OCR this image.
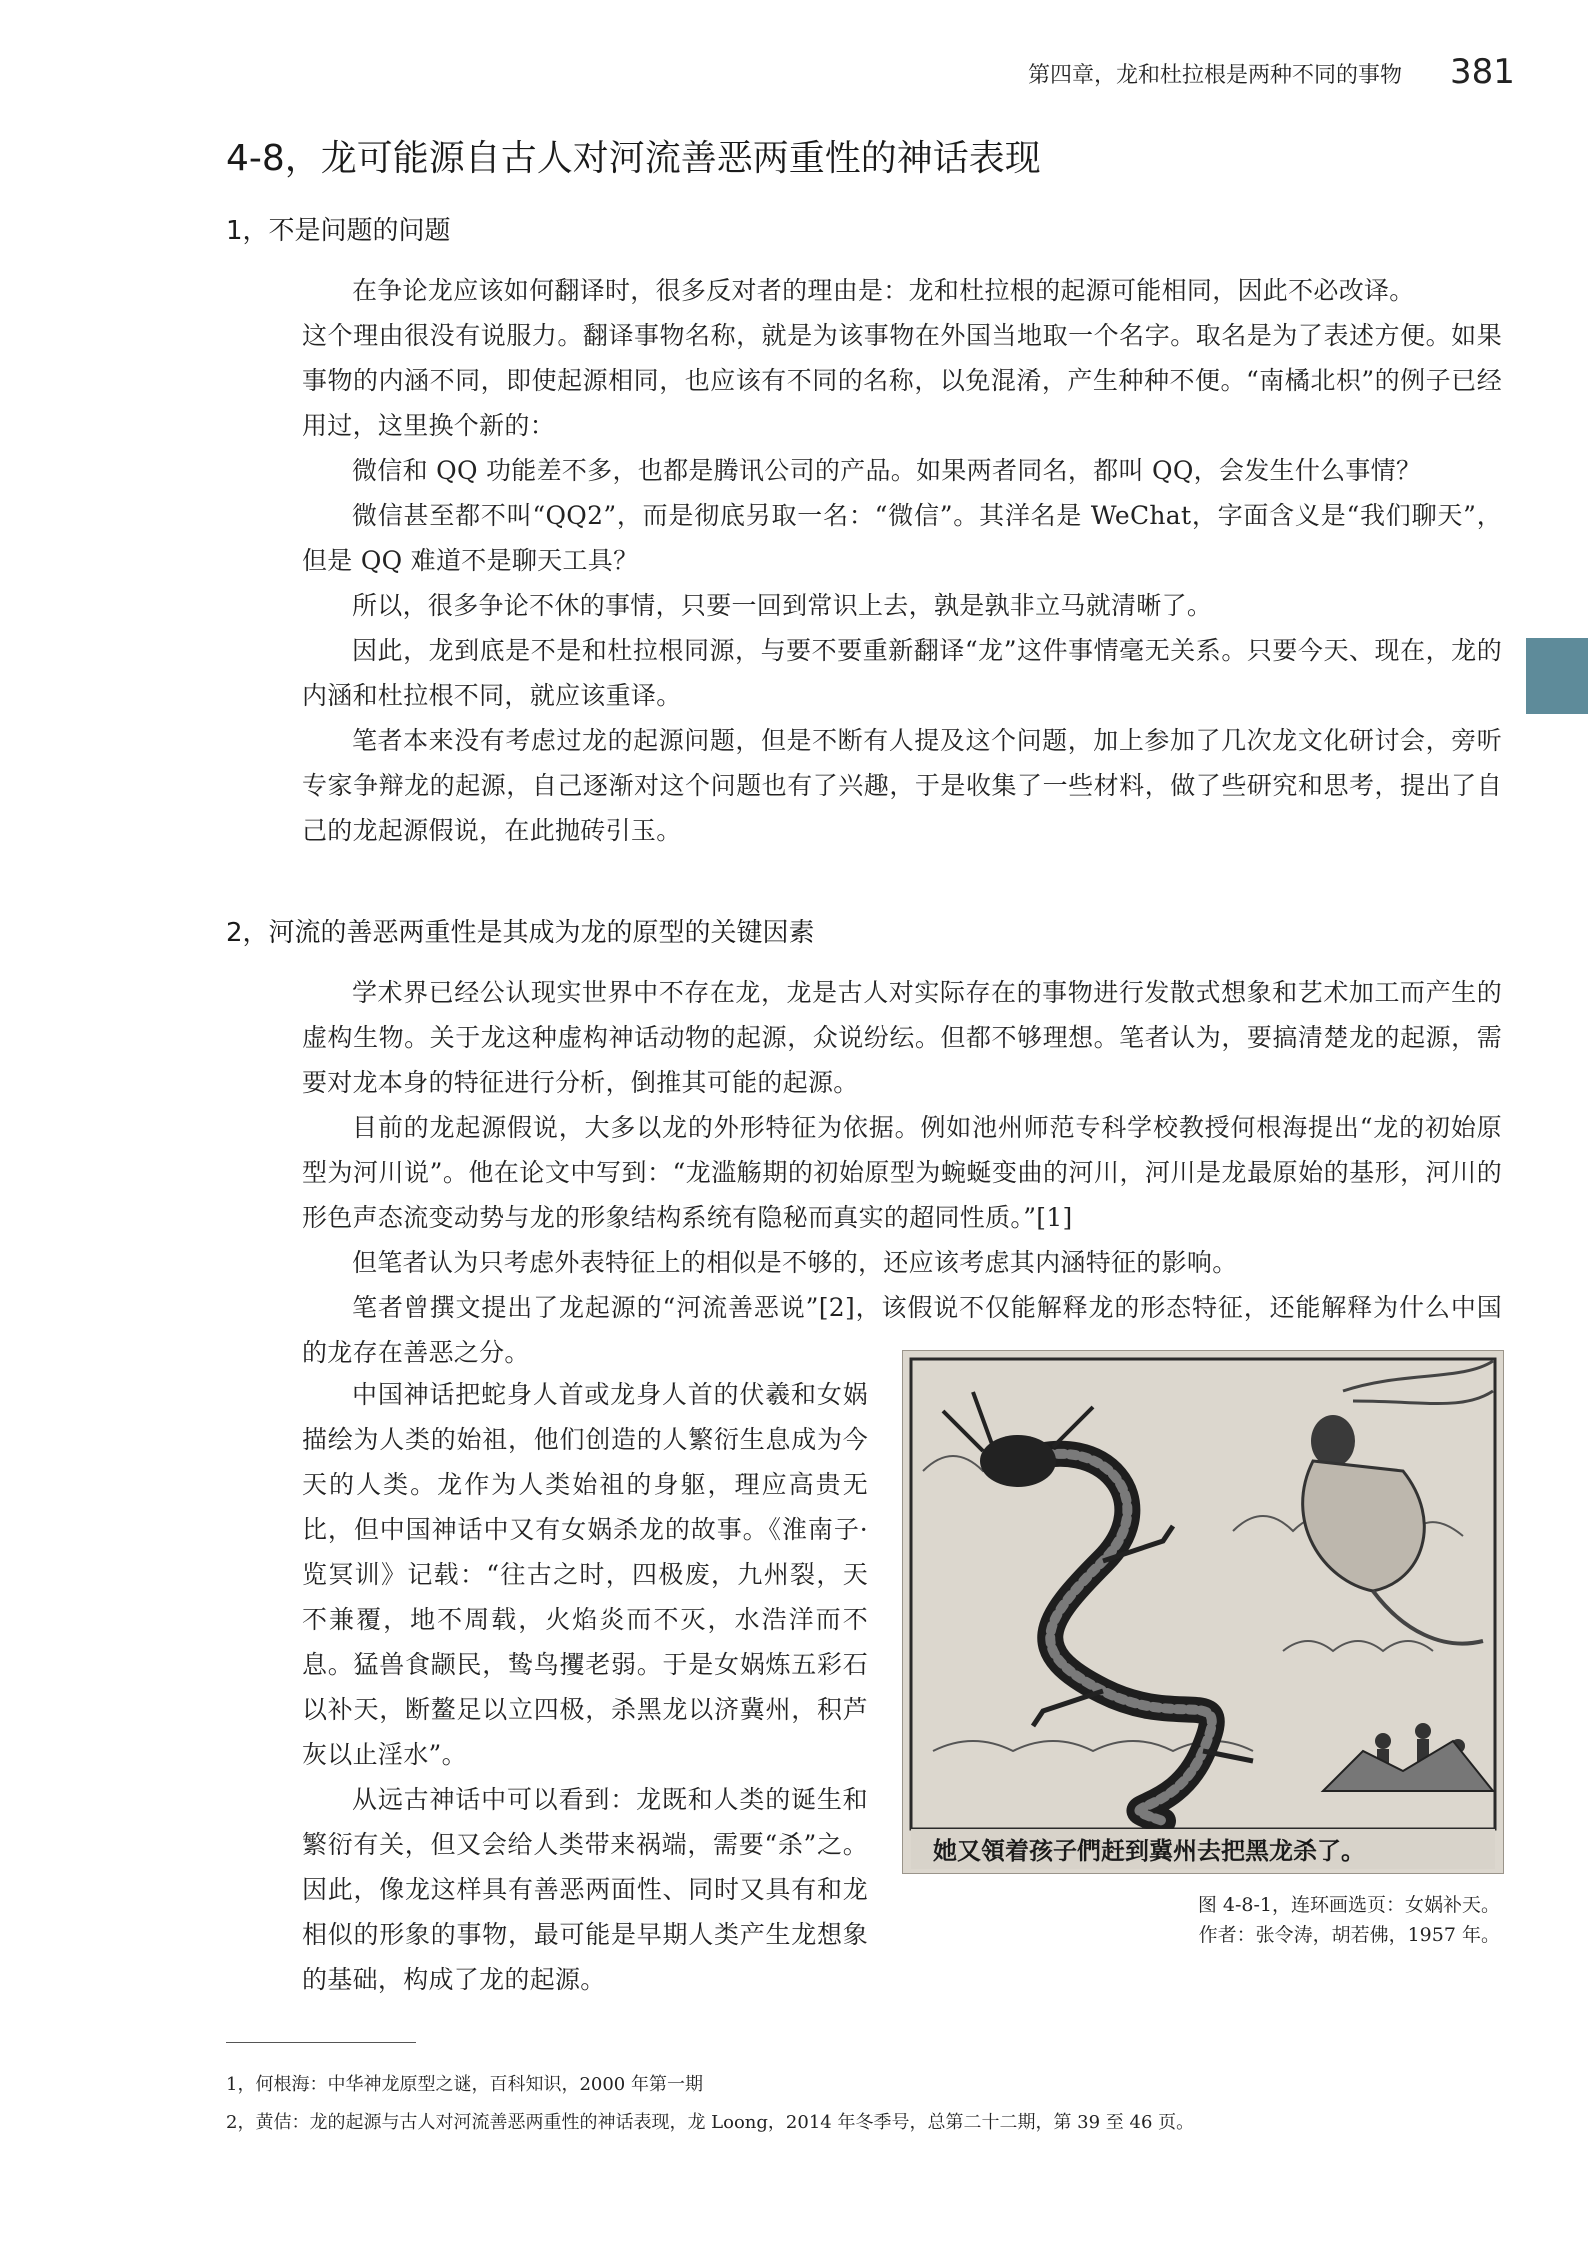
第四章，龙和杜拉根是两种不同的事物 381
4-8，龙可能源自古人对河流善恶两重性的神话表现
1，不是问题的问题

在争论龙应该如何翻译时，很多反对者的理由是：龙和杜拉根的起源可能相同，因此不必改译。

这个理由很没有说服力。翻译事物名称，就是为该事物在外国当地取一个名字。取名是为了表述方便。如果事物的内涵不同，即使起源相同，也应该有不同的名称，以免混淆，产生种种不便。“南橘北枳”的例子已经用过，这里换个新的：

微信和 QQ 功能差不多，也都是腾讯公司的产品。如果两者同名，都叫 QQ，会发生什么事情？

微信甚至都不叫“QQ2”，而是彻底另取一名：“微信”。其洋名是 WeChat，字面含义是“我们聊天”，但是 QQ 难道不是聊天工具？

所以，很多争论不休的事情，只要一回到常识上去，孰是孰非立马就清晰了。

因此，龙到底是不是和杜拉根同源，与要不要重新翻译“龙”这件事情毫无关系。只要今天、现在，龙的内涵和杜拉根不同，就应该重译。

笔者本来没有考虑过龙的起源问题，但是不断有人提及这个问题，加上参加了几次龙文化研讨会，旁听专家争辩龙的起源，自己逐渐对这个问题也有了兴趣，于是收集了一些材料，做了些研究和思考，提出了自己的龙起源假说，在此抛砖引玉。

2，河流的善恶两重性是其成为龙的原型的关键因素

学术界已经公认现实世界中不存在龙，龙是古人对实际存在的事物进行发散式想象和艺术加工而产生的虚构生物。关于龙这种虚构神话动物的起源，众说纷纭。但都不够理想。笔者认为，要搞清楚龙的起源，需要对龙本身的特征进行分析，倒推其可能的起源。

目前的龙起源假说，大多以龙的外形特征为依据。例如池州师范专科学校教授何根海提出“龙的初始原型为河川说”。他在论文中写到：“龙滥觞期的初始原型为蜿蜒变曲的河川，河川是龙最原始的基形，河川的形色声态流变动势与龙的形象结构系统有隐秘而真实的超同性质。”[1]

但笔者认为只考虑外表特征上的相似是不够的，还应该考虑其内涵特征的影响。

笔者曾撰文提出了龙起源的“河流善恶说”[2]，该假说不仅能解释龙的形态特征，还能解释为什么中国的龙存在善恶之分。

中国神话把蛇身人首或龙身人首的伏羲和女娲描绘为人类的始祖，他们创造的人繁衍生息成为今天的人类。龙作为人类始祖的身躯，理应高贵无比，但中国神话中又有女娲杀龙的故事。《淮南子·览冥训》记载：“往古之时，四极废，九州裂，天不兼覆，地不周载，火焰炎而不灭，水浩洋而不息。猛兽食颛民，鸷鸟攫老弱。于是女娲炼五彩石以补天，断鳌足以立四极，杀黑龙以济冀州，积芦灰以止淫水”。

从远古神话中可以看到：龙既和人类的诞生和繁衍有关，但又会给人类带来祸端，需要“杀”之。因此，像龙这样具有善恶两面性、同时又具有和龙相似的形象的事物，最可能是早期人类产生龙想象的基础，构成了龙的起源。

她又領着孩子們赶到冀州去把黑龙杀了。
图 4-8-1，连环画选页：女娲补天。
作者：张令涛，胡若佛，1957 年。
1，何根海：中华神龙原型之谜，百科知识，2000 年第一期
2，黄佶：龙的起源与古人对河流善恶两重性的神话表现，龙 Loong，2014 年冬季号，总第二十二期，第 39 至 46 页。
